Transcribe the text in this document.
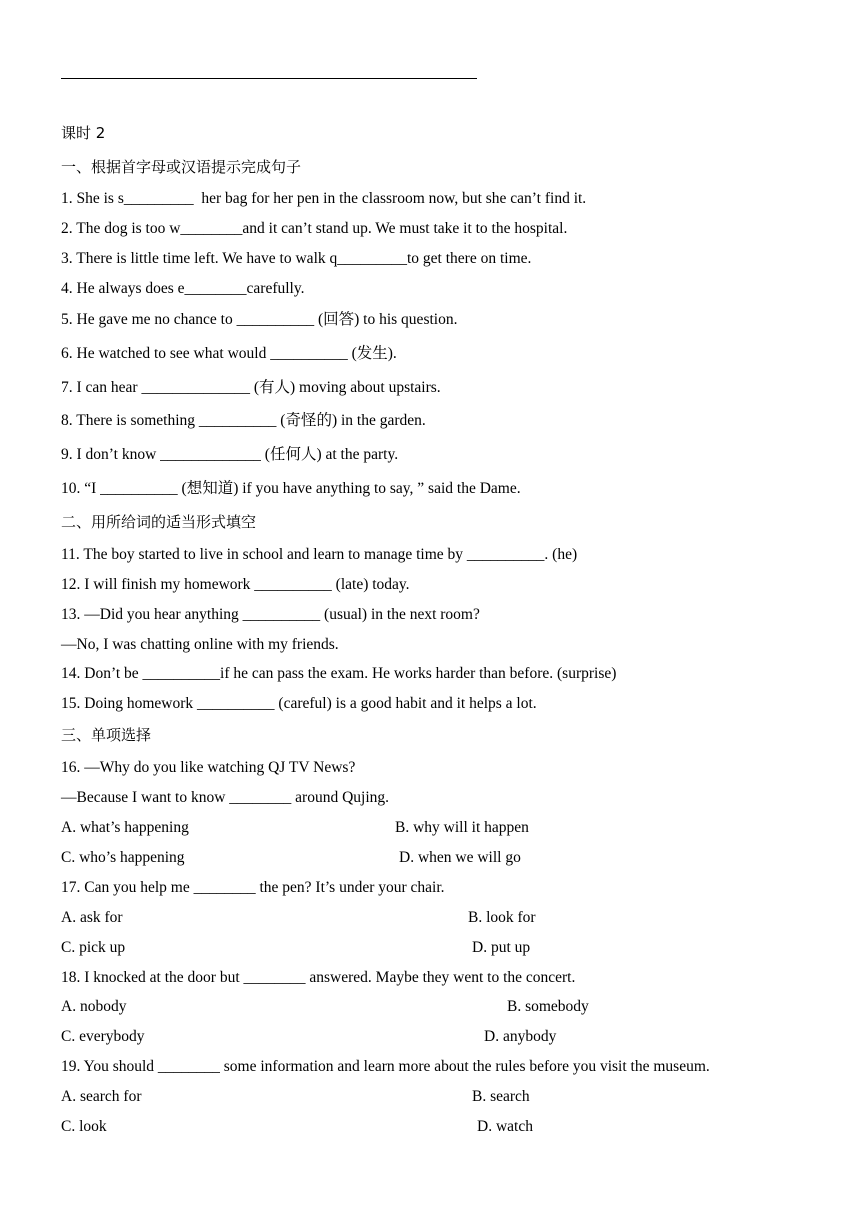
课时 2
一、根据首字母或汉语提示完成句子
1. She is s_________  her bag for her pen in the classroom now, but she can’t find it.
2. The dog is too w________and it can’t stand up. We must take it to the hospital.
3. There is little time left. We have to walk q_________to get there on time.
4. He always does e________carefully.
5. He gave me no chance to __________ (回答) to his question.
6. He watched to see what would __________ (发生).
7. I can hear ______________ (有人) moving about upstairs.
8. There is something __________ (奇怪的) in the garden.
9. I don’t know _____________ (任何人) at the party.
10. “I __________ (想知道) if you have anything to say, ” said the Dame.
二、用所给词的适当形式填空
11. The boy started to live in school and learn to manage time by __________. (he)
12. I will finish my homework __________ (late) today.
13. —Did you hear anything __________ (usual) in the next room?
—No, I was chatting online with my friends.
14. Don’t be __________if he can pass the exam. He works harder than before. (surprise)
15. Doing homework __________ (careful) is a good habit and it helps a lot.
三、单项选择
16. —Why do you like watching QJ TV News?
—Because I want to know ________ around Qujing.
A. what’s happening	B. why will it happen
C. who’s happening	D. when we will go
17. Can you help me ________ the pen? It’s under your chair.
A. ask for	B. look for
C. pick up	D. put up
18. I knocked at the door but ________ answered. Maybe they went to the concert.
A. nobody	B. somebody
C. everybody	D. anybody
19. You should ________ some information and learn more about the rules before you visit the museum.
A. search for	B. search
C. look	D. watch
